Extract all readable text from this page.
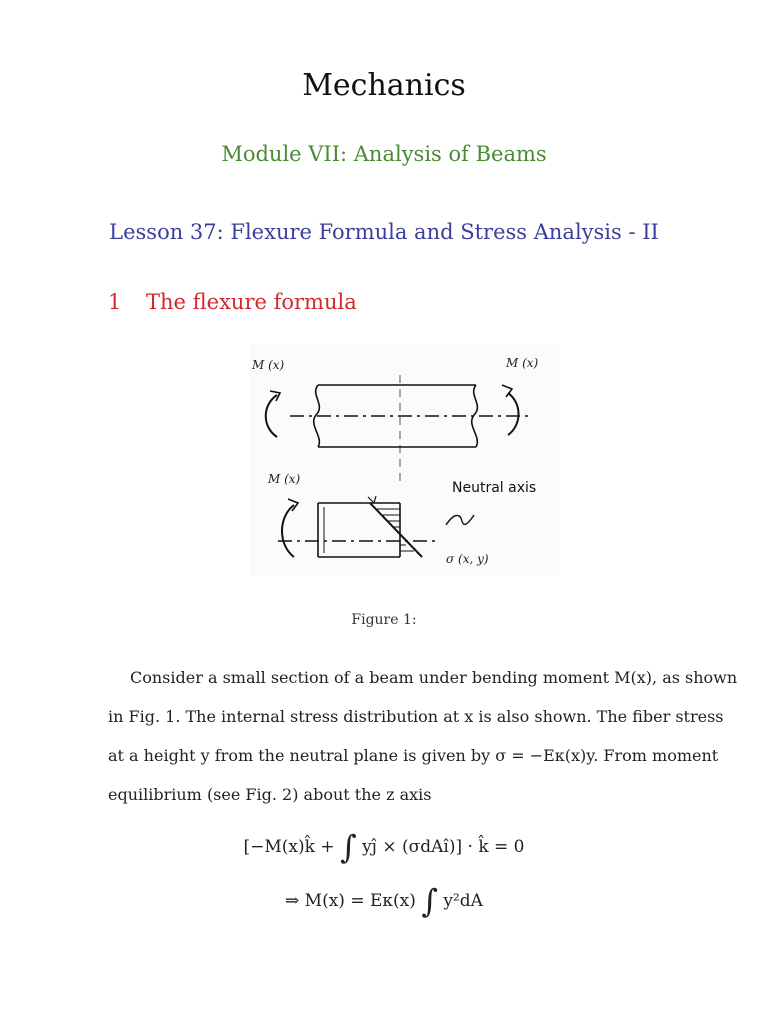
Mechanics
Module VII: Analysis of Beams
Lesson 37: Flexure Formula and Stress Analysis - II
1 The flexure formula
M (x)	M (x)
M (x)
Neutral axis
σ (x, y)
Figure 1:
Consider a small section of a beam under bending moment M(x), as shown
in Fig. 1. The internal stress distribution at x is also shown. The fiber stress
at a height y from the neutral plane is given by σ = −Eκ(x)y. From moment
equilibrium (see Fig. 2) about the z axis
[−M(x)k̂ + ∫ yĵ × (σdAî)] · k̂ = 0
⇒ M(x) = Eκ(x) ∫ y²dA
